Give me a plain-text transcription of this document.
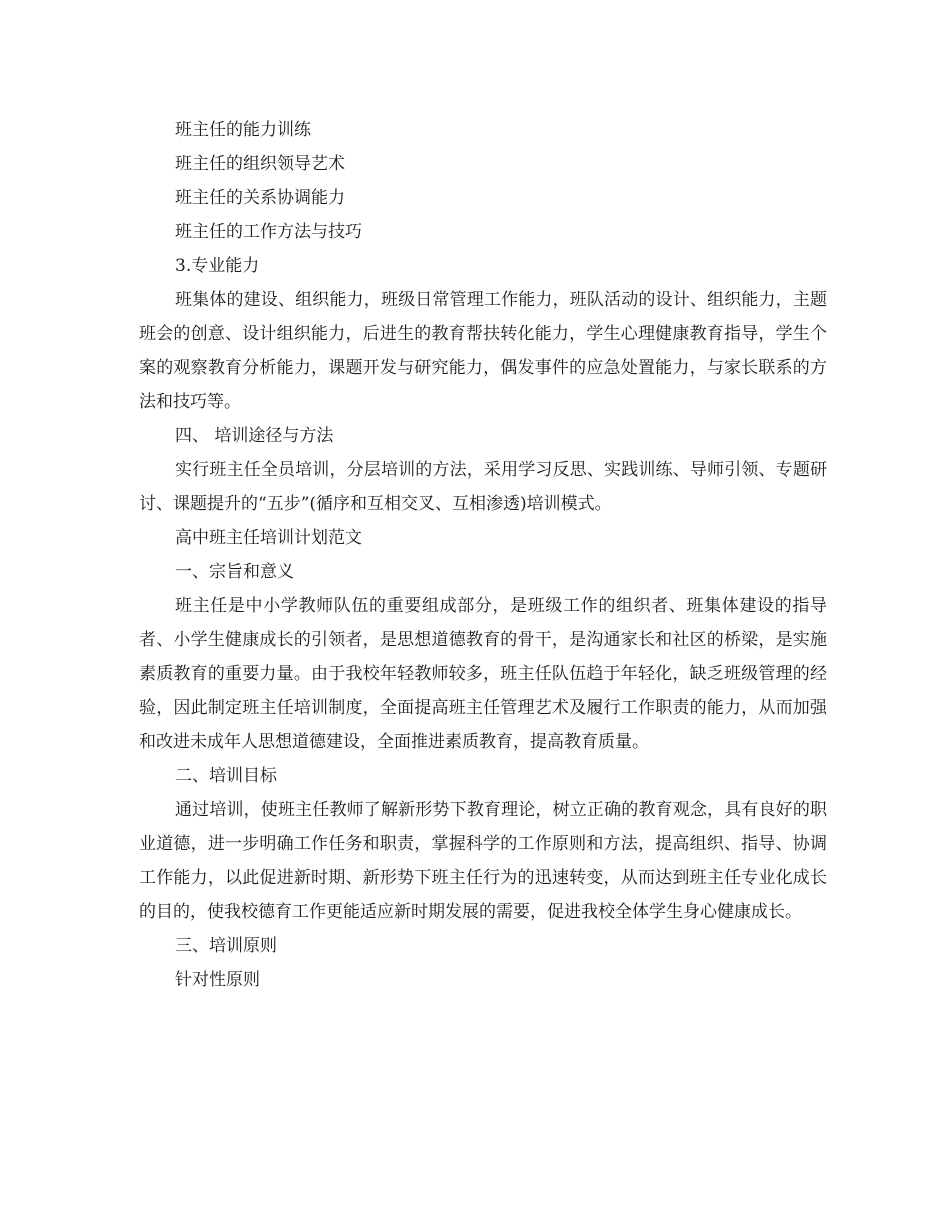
班主任的能力训练

班主任的组织领导艺术

班主任的关系协调能力

班主任的工作方法与技巧

3.专业能力

班集体的建设、组织能力，班级日常管理工作能力，班队活动的设计、组织能力，主题班会的创意、设计组织能力，后进生的教育帮扶转化能力，学生心理健康教育指导，学生个案的观察教育分析能力，课题开发与研究能力，偶发事件的应急处置能力，与家长联系的方法和技巧等。

四、 培训途径与方法

实行班主任全员培训，分层培训的方法，采用学习反思、实践训练、导师引领、专题研讨、课题提升的“五步”(循序和互相交叉、互相渗透)培训模式。

高中班主任培训计划范文

一、宗旨和意义

班主任是中小学教师队伍的重要组成部分，是班级工作的组织者、班集体建设的指导者、小学生健康成长的引领者，是思想道德教育的骨干，是沟通家长和社区的桥梁，是实施素质教育的重要力量。由于我校年轻教师较多，班主任队伍趋于年轻化，缺乏班级管理的经验，因此制定班主任培训制度，全面提高班主任管理艺术及履行工作职责的能力，从而加强和改进未成年人思想道德建设，全面推进素质教育，提高教育质量。

二、培训目标

通过培训，使班主任教师了解新形势下教育理论，树立正确的教育观念，具有良好的职业道德，进一步明确工作任务和职责，掌握科学的工作原则和方法，提高组织、指导、协调工作能力，以此促进新时期、新形势下班主任行为的迅速转变，从而达到班主任专业化成长的目的，使我校德育工作更能适应新时期发展的需要，促进我校全体学生身心健康成长。

三、培训原则

针对性原则
